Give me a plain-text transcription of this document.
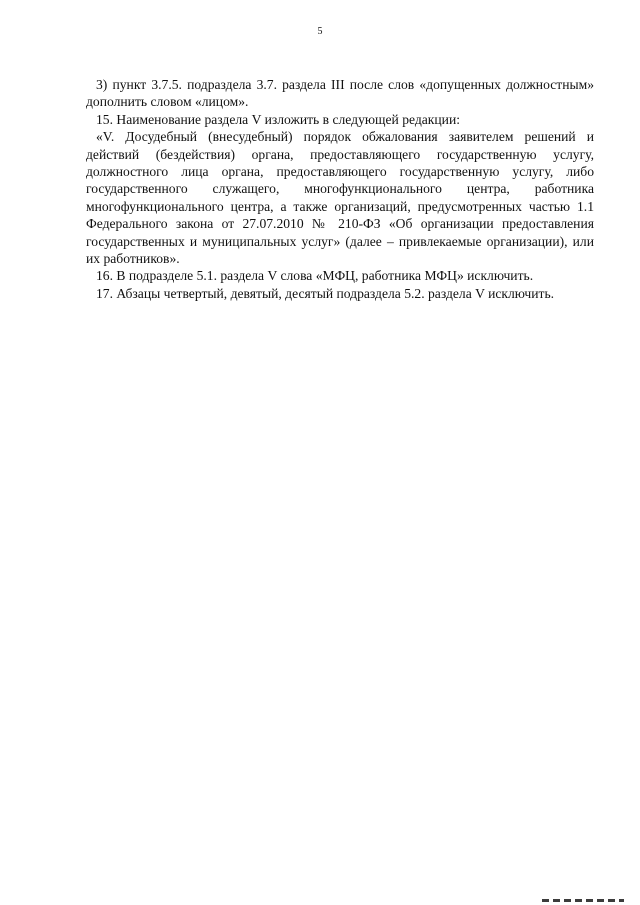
5

3) пункт 3.7.5. подраздела 3.7. раздела III после слов «допущенных должностным» дополнить словом «лицом».

15. Наименование раздела V изложить в следующей редакции:

«V. Досудебный (внесудебный) порядок обжалования заявителем решений и действий (бездействия) органа, предоставляющего государственную услугу, должностного лица органа, предоставляющего государственную услугу, либо государственного служащего, многофункционального центра, работника многофункционального центра, а также организаций, предусмотренных частью 1.1 Федерального закона от 27.07.2010 № 210-ФЗ «Об организации предоставления государственных и муниципальных услуг» (далее – привлекаемые организации), или их работников».

16. В подразделе 5.1. раздела V слова «МФЦ, работника МФЦ» исключить.

17. Абзацы четвертый, девятый, десятый подраздела 5.2. раздела V исключить.
